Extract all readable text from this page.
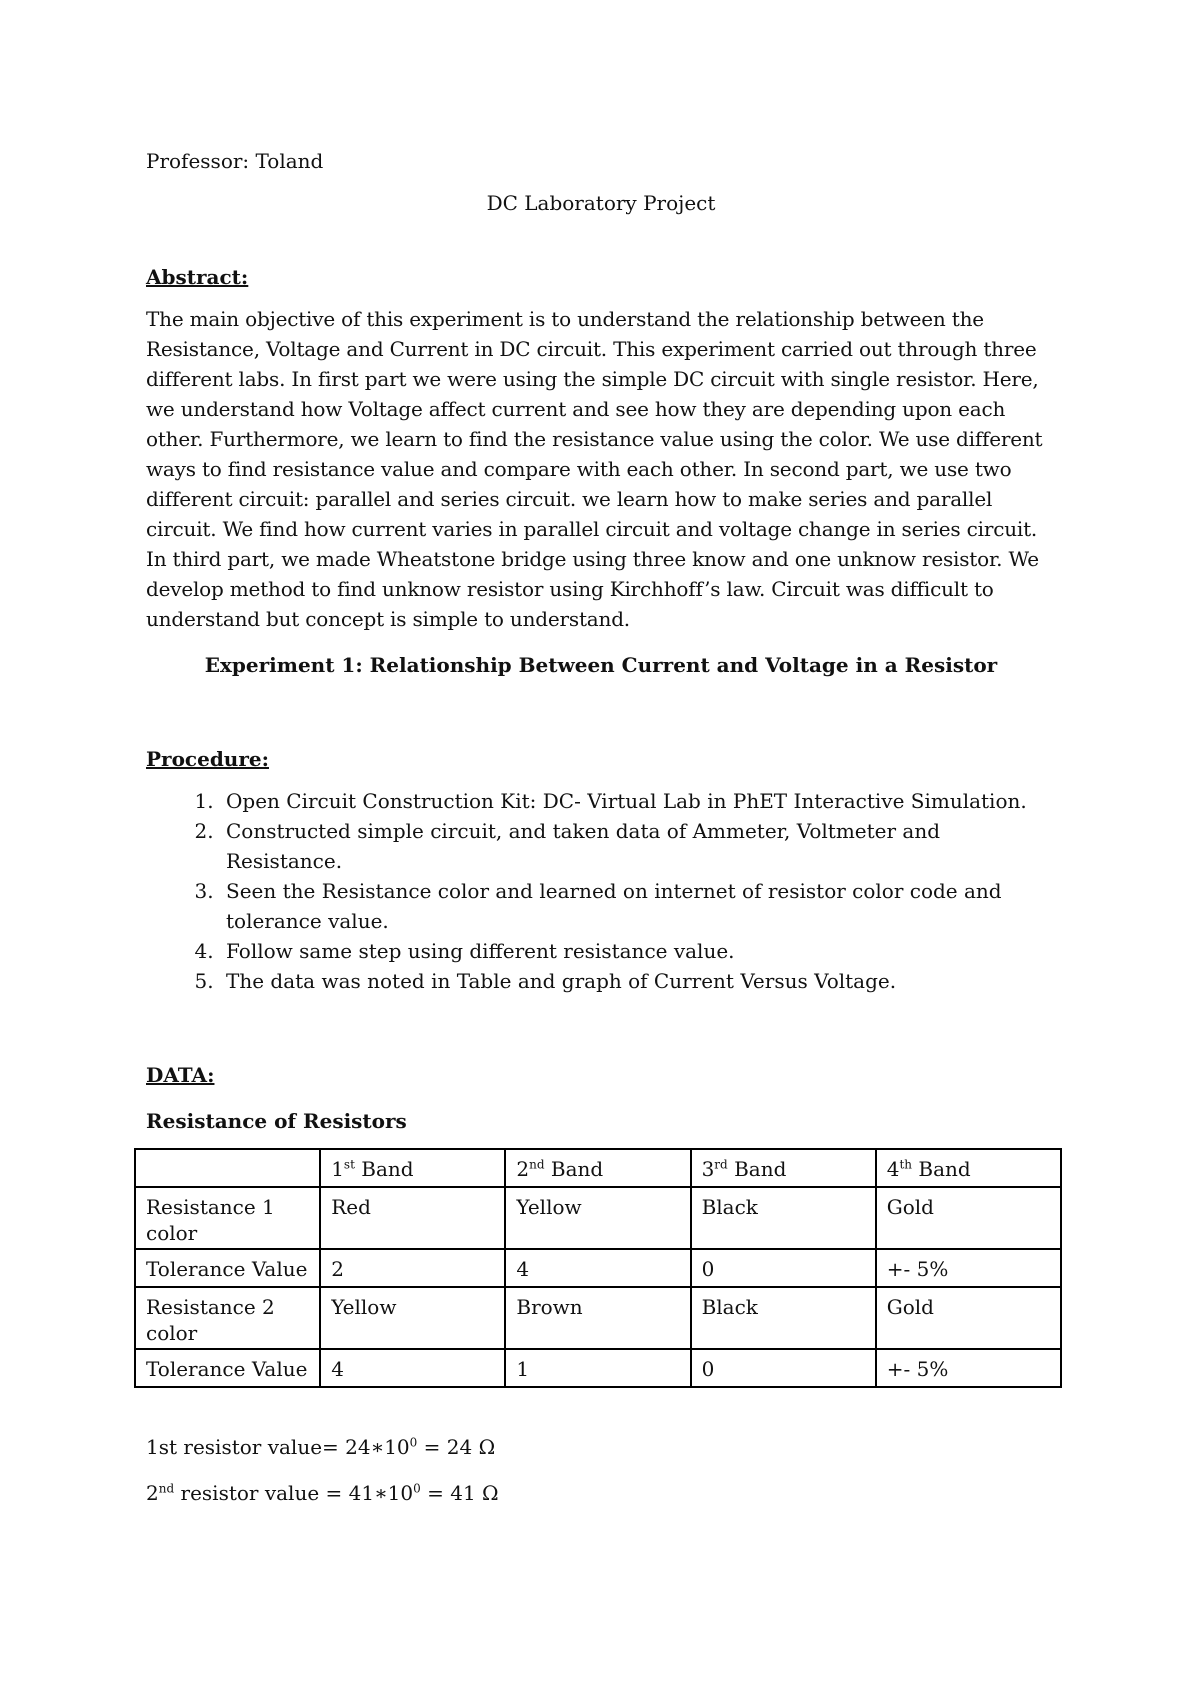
Professor: Toland

DC Laboratory Project

Abstract:

The main objective of this experiment is to understand the relationship between the Resistance, Voltage and Current in DC circuit. This experiment carried out through three different labs. In first part we were using the simple DC circuit with single resistor. Here, we understand how Voltage affect current and see how they are depending upon each other. Furthermore, we learn to find the resistance value using the color. We use different ways to find resistance value and compare with each other. In second part, we use two different circuit: parallel and series circuit. we learn how to make series and parallel circuit. We find how current varies in parallel circuit and voltage change in series circuit. In third part, we made Wheatstone bridge using three know and one unknow resistor. We develop method to find unknow resistor using Kirchhoff’s law. Circuit was difficult to understand but concept is simple to understand.

Experiment 1: Relationship Between Current and Voltage in a Resistor

Procedure:

1. Open Circuit Construction Kit: DC- Virtual Lab in PhET Interactive Simulation.
2. Constructed simple circuit, and taken data of Ammeter, Voltmeter and Resistance.
3. Seen the Resistance color and learned on internet of resistor color code and tolerance value.
4. Follow same step using different resistance value.
5. The data was noted in Table and graph of Current Versus Voltage.

DATA:

Resistance of Resistors

	1st Band	2nd Band	3rd Band	4th Band
Resistance 1 color	Red	Yellow	Black	Gold
Tolerance Value	2	4	0	+- 5%
Resistance 2 color	Yellow	Brown	Black	Gold
Tolerance Value	4	1	0	+- 5%

1st resistor value= $24∗10^0 = 24$ Ω

2nd resistor value = $41∗10^0 = 41$ Ω
